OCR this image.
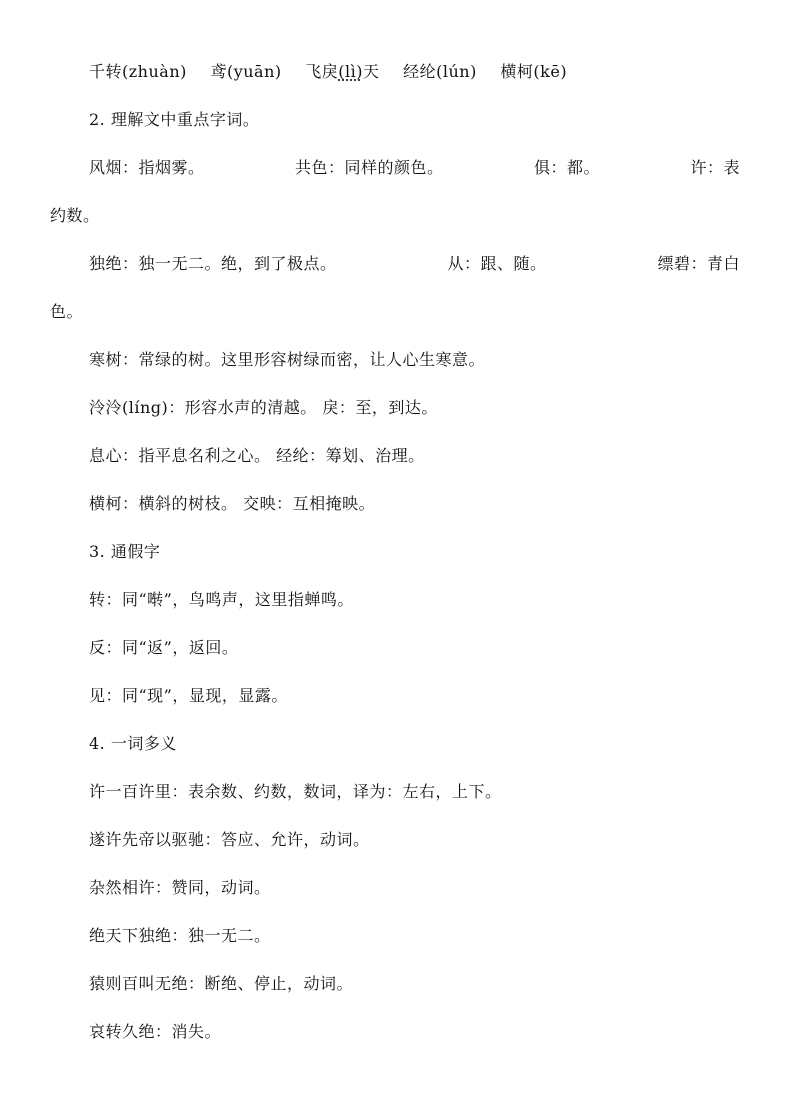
千转(zhuàn) 鸢(yuān) 飞戾(lì)天 经纶(lún) 横柯(kē)
2. 理解文中重点字词。
风烟：指烟雾。	共色：同样的颜色。	俱：都。	许：表
约数。
独绝：独一无二。绝，到了极点。	从：跟、随。	缥碧：青白
色。
寒树：常绿的树。这里形容树绿而密，让人心生寒意。
泠泠(líng)：形容水声的清越。 戾：至，到达。
息心：指平息名利之心。 经纶：筹划、治理。
横柯：横斜的树枝。 交映：互相掩映。
3. 通假字
转：同“啭”，鸟鸣声，这里指蝉鸣。
反：同“返”，返回。
见：同“现”，显现，显露。
4. 一词多义
许一百许里：表余数、约数，数词，译为：左右，上下。
遂许先帝以驱驰：答应、允许，动词。
杂然相许：赞同，动词。
绝天下独绝：独一无二。
猿则百叫无绝：断绝、停止，动词。
哀转久绝：消失。
